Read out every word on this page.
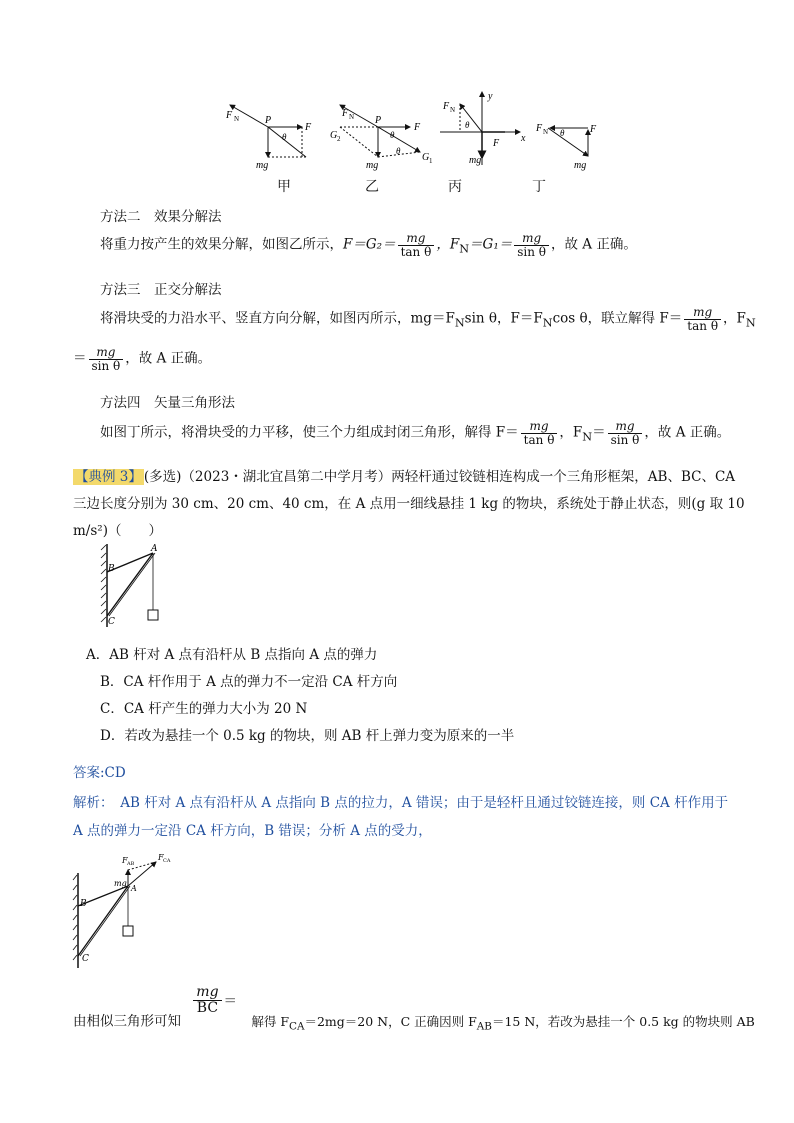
F N	P
F
θ
mg
F N P
F
θ
θ
G 2
G 1
mg
F N
y
x
θ
F
mg
F N	F
θ
mg
甲	乙	丙	丁
方法二　效果分解法
将重力按产生的效果分解，如图乙所示，$F=G_2= \frac{mg}{\text{tan θ}}$ ，$F_N=G_1= \frac{mg}{\text{sin θ}}$ ，故 A 正确。
方法三　正交分解法
将滑块受的力沿水平、竖直方向分解，如图丙所示，$mg=F_N\sin$ θ，$F=F_N\cos$ θ，联立解得 $F= \frac{mg}{\text{tan θ}}$ ，$F_N$
＝ $\frac{mg}{\text{sin θ}}$ ，故 A 正确。
方法四　矢量三角形法
如图丁所示，将滑块受的力平移，使三个力组成封闭三角形，解得 $F= \frac{mg}{\text{tan θ}}$ ，$F_N= \frac{mg}{\text{sin θ}}$ ，故 A 正确。
【典例 3】 (多选)（2023・湖北宜昌第二中学月考）两轻杆通过铰链相连构成一个三角形框架，AB、BC、CA
三边长度分别为 30 cm、20 cm、40 cm，在 A 点用一细线悬挂 1 kg 的物块，系统处于静止状态，则(g 取 10
m/s²)（　　）
A
B
C
A．AB 杆对 A 点有沿杆从 B 点指向 A 点的弹力
B．CA 杆作用于 A 点的弹力不一定沿 CA 杆方向
C．CA 杆产生的弹力大小为 20 N
D．若改为悬挂一个 0.5 kg 的物块，则 AB 杆上弹力变为原来的一半
答案:CD
解析：　AB 杆对 A 点有沿杆从 A 点指向 B 点的拉力，A 错误；由于是轻杆且通过铰链连接，则 CA 杆作用于
A 点的弹力一定沿 CA 杆方向，B 错误；分析 A 点的受力，
F AB
F CA
mg
A
B
C
由相似三角形可知
$\frac{mg}{BC}$ ＝ 解得 $F_{CA}=2mg=20$ N，C 正确因则 $F_{AB}=15$ N，若改为悬挂一个 0.5 kg 的物块则 AB
